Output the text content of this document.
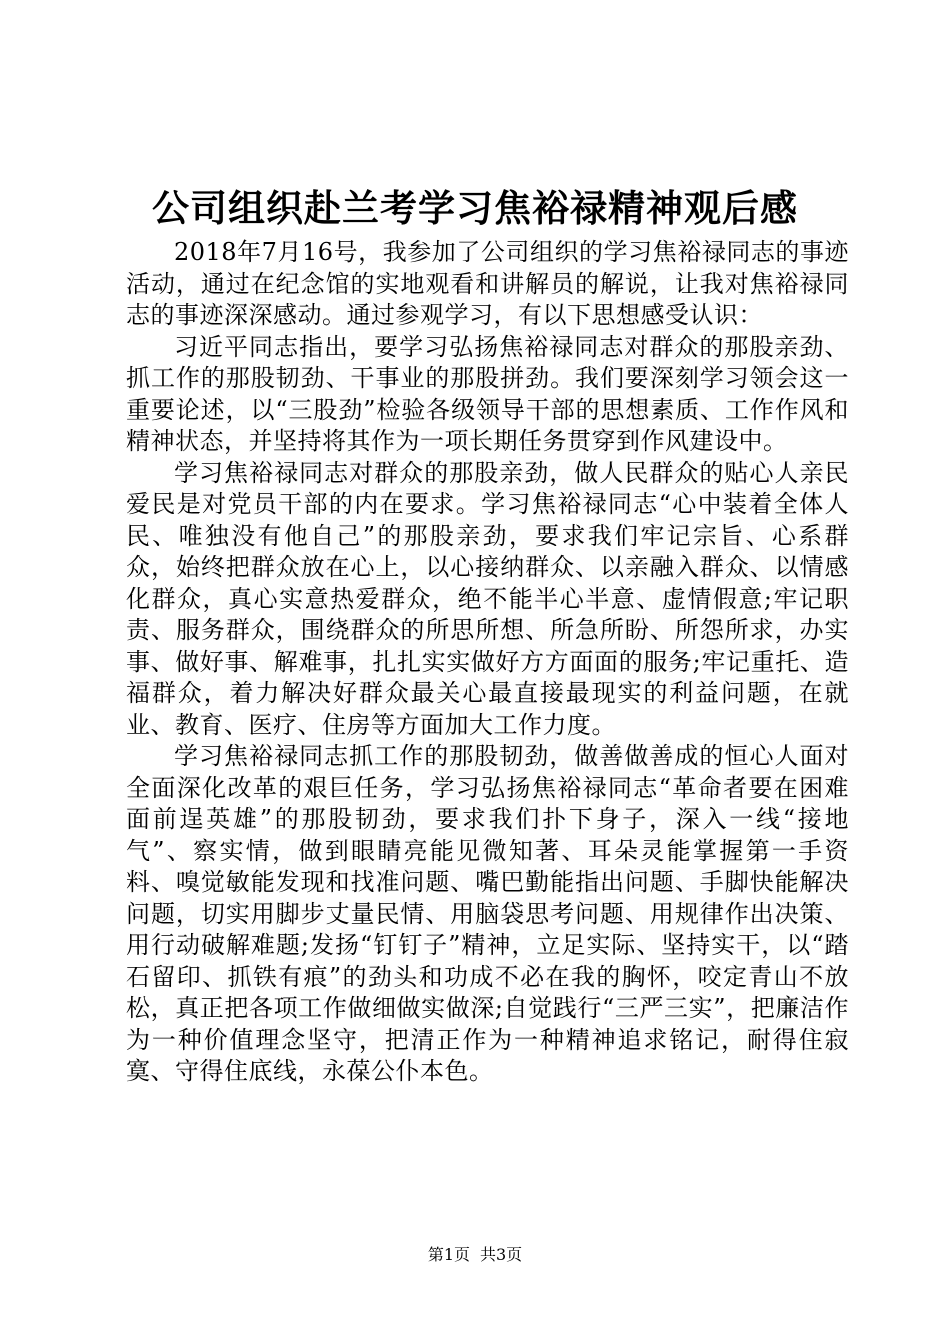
公司组织赴兰考学习焦裕禄精神观后感

2018年7月16号，我参加了公司组织的学习焦裕禄同志的事迹活动，通过在纪念馆的实地观看和讲解员的解说，让我对焦裕禄同志的事迹深深感动。通过参观学习，有以下思想感受认识：

习近平同志指出，要学习弘扬焦裕禄同志对群众的那股亲劲、抓工作的那股韧劲、干事业的那股拼劲。我们要深刻学习领会这一重要论述，以“三股劲”检验各级领导干部的思想素质、工作作风和精神状态，并坚持将其作为一项长期任务贯穿到作风建设中。

学习焦裕禄同志对群众的那股亲劲，做人民群众的贴心人亲民爱民是对党员干部的内在要求。学习焦裕禄同志“心中装着全体人民、唯独没有他自己”的那股亲劲，要求我们牢记宗旨、心系群众，始终把群众放在心上，以心接纳群众、以亲融入群众、以情感化群众，真心实意热爱群众，绝不能半心半意、虚情假意;牢记职责、服务群众，围绕群众的所思所想、所急所盼、所怨所求，办实事、做好事、解难事，扎扎实实做好方方面面的服务;牢记重托、造福群众，着力解决好群众最关心最直接最现实的利益问题，在就业、教育、医疗、住房等方面加大工作力度。

学习焦裕禄同志抓工作的那股韧劲，做善做善成的恒心人面对全面深化改革的艰巨任务，学习弘扬焦裕禄同志“革命者要在困难面前逞英雄”的那股韧劲，要求我们扑下身子，深入一线“接地气”、察实情，做到眼睛亮能见微知著、耳朵灵能掌握第一手资料、嗅觉敏能发现和找准问题、嘴巴勤能指出问题、手脚快能解决问题，切实用脚步丈量民情、用脑袋思考问题、用规律作出决策、用行动破解难题;发扬“钉钉子”精神，立足实际、坚持实干，以“踏石留印、抓铁有痕”的劲头和功成不必在我的胸怀，咬定青山不放松，真正把各项工作做细做实做深;自觉践行“三严三实”，把廉洁作为一种价值理念坚守，把清正作为一种精神追求铭记，耐得住寂寞、守得住底线，永葆公仆本色。

第1页 共3页
